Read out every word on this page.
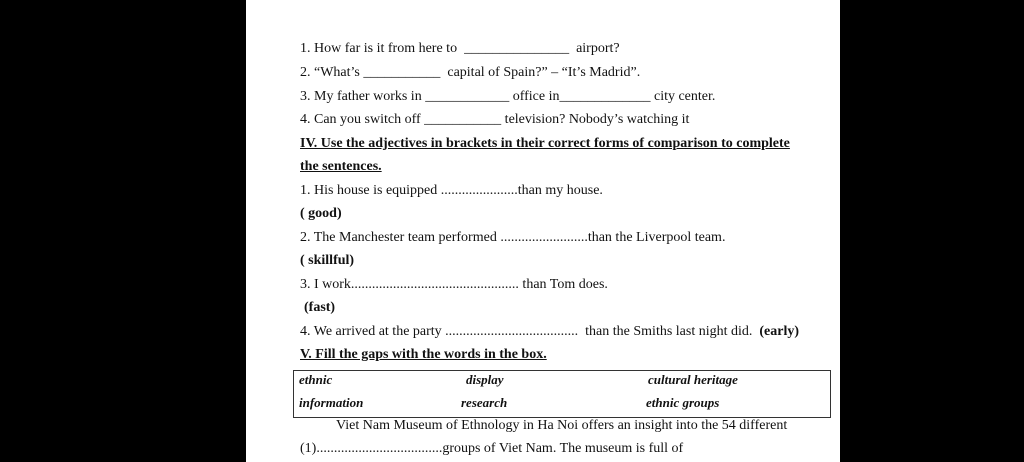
1. How far is it from here to  _______________  airport?
2. “What’s ___________  capital of Spain?” – “It’s Madrid”.
3. My father works in ____________ office in_____________ city center.
4. Can you switch off ___________ television? Nobody’s watching it
IV. Use the adjectives in brackets in their correct forms of comparison to complete
the sentences.
1. His house is equipped ......................than my house.
( good)
2. The Manchester team performed .........................than the Liverpool team.
( skillful)
3. I work................................................ than Tom does.
(fast)
4. We arrived at the party ......................................  than the Smiths last night did. (early)
V. Fill the gaps with the words in the box.
ethnic	display	cultural heritage
information	research	ethnic groups
Viet Nam Museum of Ethnology in Ha Noi offers an insight into the 54 different
(1)....................................groups of Viet Nam. The museum is full of
